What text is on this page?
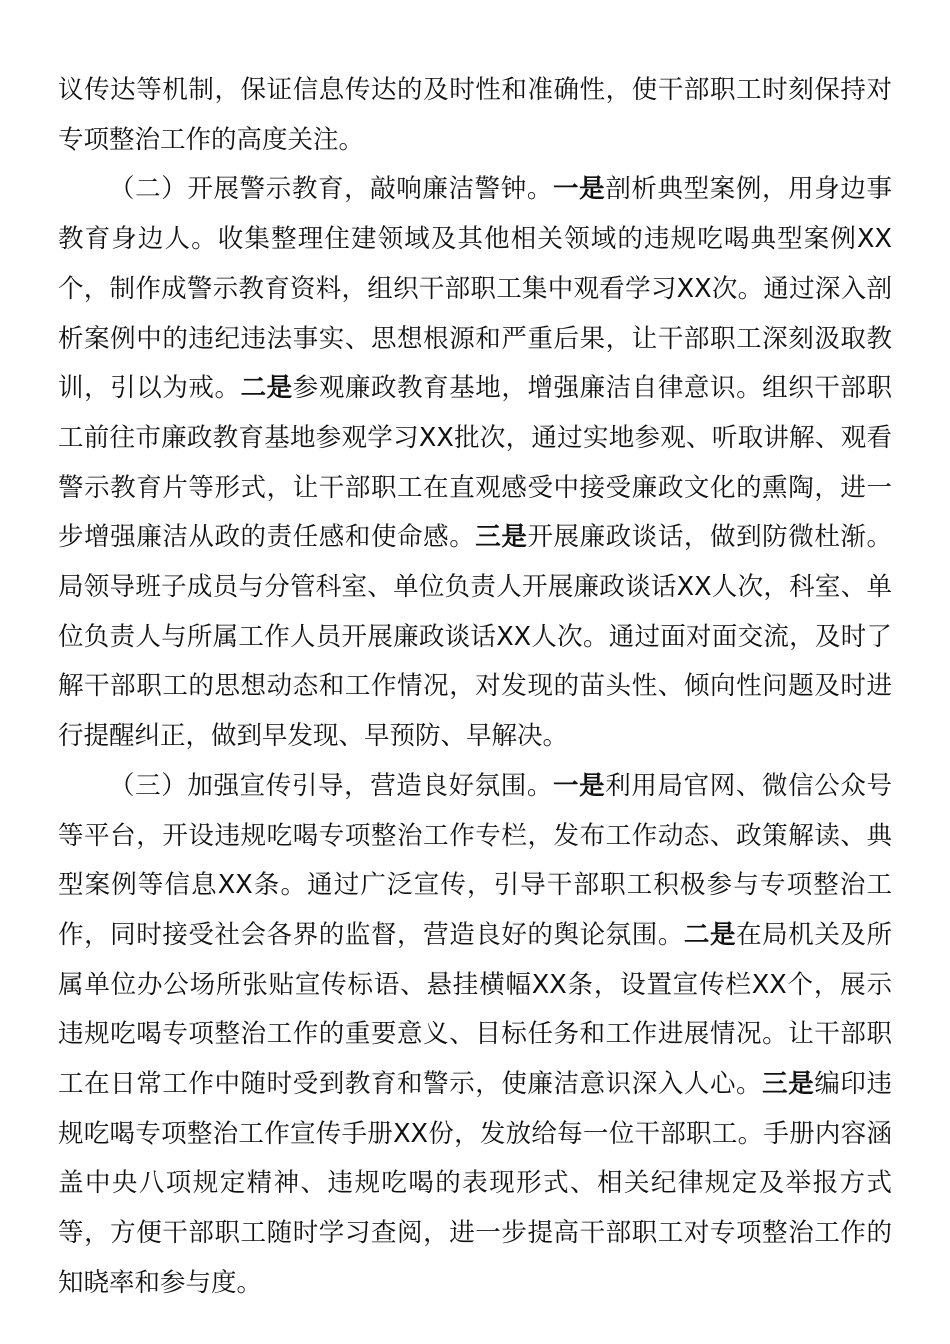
议传达等机制，保证信息传达的及时性和准确性，使干部职工时刻保持对专项整治工作的高度关注。

（二）开展警示教育，敲响廉洁警钟。一是剖析典型案例，用身边事教育身边人。收集整理住建领域及其他相关领域的违规吃喝典型案例XX个，制作成警示教育资料，组织干部职工集中观看学习XX次。通过深入剖析案例中的违纪违法事实、思想根源和严重后果，让干部职工深刻汲取教训，引以为戒。二是参观廉政教育基地，增强廉洁自律意识。组织干部职工前往市廉政教育基地参观学习XX批次，通过实地参观、听取讲解、观看警示教育片等形式，让干部职工在直观感受中接受廉政文化的熏陶，进一步增强廉洁从政的责任感和使命感。三是开展廉政谈话，做到防微杜渐。局领导班子成员与分管科室、单位负责人开展廉政谈话XX人次，科室、单位负责人与所属工作人员开展廉政谈话XX人次。通过面对面交流，及时了解干部职工的思想动态和工作情况，对发现的苗头性、倾向性问题及时进行提醒纠正，做到早发现、早预防、早解决。

（三）加强宣传引导，营造良好氛围。一是利用局官网、微信公众号等平台，开设违规吃喝专项整治工作专栏，发布工作动态、政策解读、典型案例等信息XX条。通过广泛宣传，引导干部职工积极参与专项整治工作，同时接受社会各界的监督，营造良好的舆论氛围。二是在局机关及所属单位办公场所张贴宣传标语、悬挂横幅XX条，设置宣传栏XX个，展示违规吃喝专项整治工作的重要意义、目标任务和工作进展情况。让干部职工在日常工作中随时受到教育和警示，使廉洁意识深入人心。三是编印违规吃喝专项整治工作宣传手册XX份，发放给每一位干部职工。手册内容涵盖中央八项规定精神、违规吃喝的表现形式、相关纪律规定及举报方式等，方便干部职工随时学习查阅，进一步提高干部职工对专项整治工作的知晓率和参与度。
